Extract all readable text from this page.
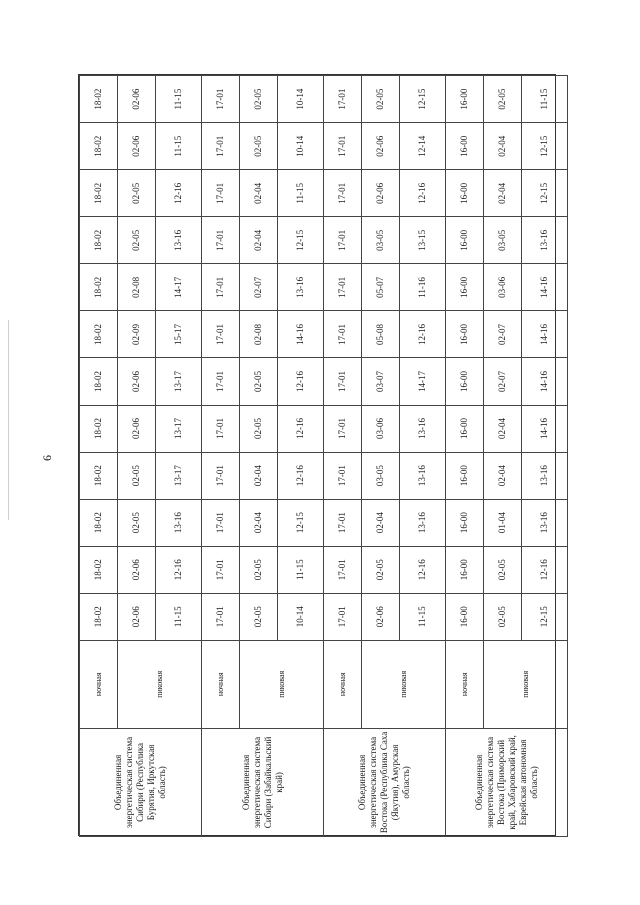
6
Объединенная энергетическая система Сибири (Республика Бурятия, Иркутская область)	ночная	18-02	18-02	18-02	18-02	18-02	18-02	18-02	18-02	18-02	18-02	18-02	18-02
	пиковая	02-06	02-06	02-05	02-05	02-06	02-06	02-09	02-08	02-05	02-05	02-06	02-06
		11-15	12-16	13-16	13-17	13-17	13-17	15-17	14-17	13-16	12-16	11-15	11-15
Объединенная энергетическая система Сибири (Забайкальский край)	ночная	17-01	17-01	17-01	17-01	17-01	17-01	17-01	17-01	17-01	17-01	17-01	17-01
	пиковая	02-05	02-05	02-04	02-04	02-05	02-05	02-08	02-07	02-04	02-04	02-05	02-05
		10-14	11-15	12-15	12-16	12-16	12-16	14-16	13-16	12-15	11-15	10-14	10-14
Объединенная энергетическая система Востока (Республика Саха (Якутия), Амурская область)	ночная	17-01	17-01	17-01	17-01	17-01	17-01	17-01	17-01	17-01	17-01	17-01	17-01
	пиковая	02-06	02-05	02-04	03-05	03-06	03-07	05-08	05-07	03-05	02-06	02-06	02-05
		11-15	12-16	13-16	13-16	13-16	14-17	12-16	11-16	13-15	12-16	12-14	12-15
Объединенная энергетическая система Востока (Приморский край, Хабаровский край, Еврейская автономная область)	ночная	16-00	16-00	16-00	16-00	16-00	16-00	16-00	16-00	16-00	16-00	16-00	16-00
	пиковая	02-05	02-05	01-04	02-04	02-04	02-07	02-07	03-06	03-05	02-04	02-04	02-05
		12-15	12-16	13-16	13-16	14-16	14-16	14-16	14-16	13-16	12-15	12-15	11-15
